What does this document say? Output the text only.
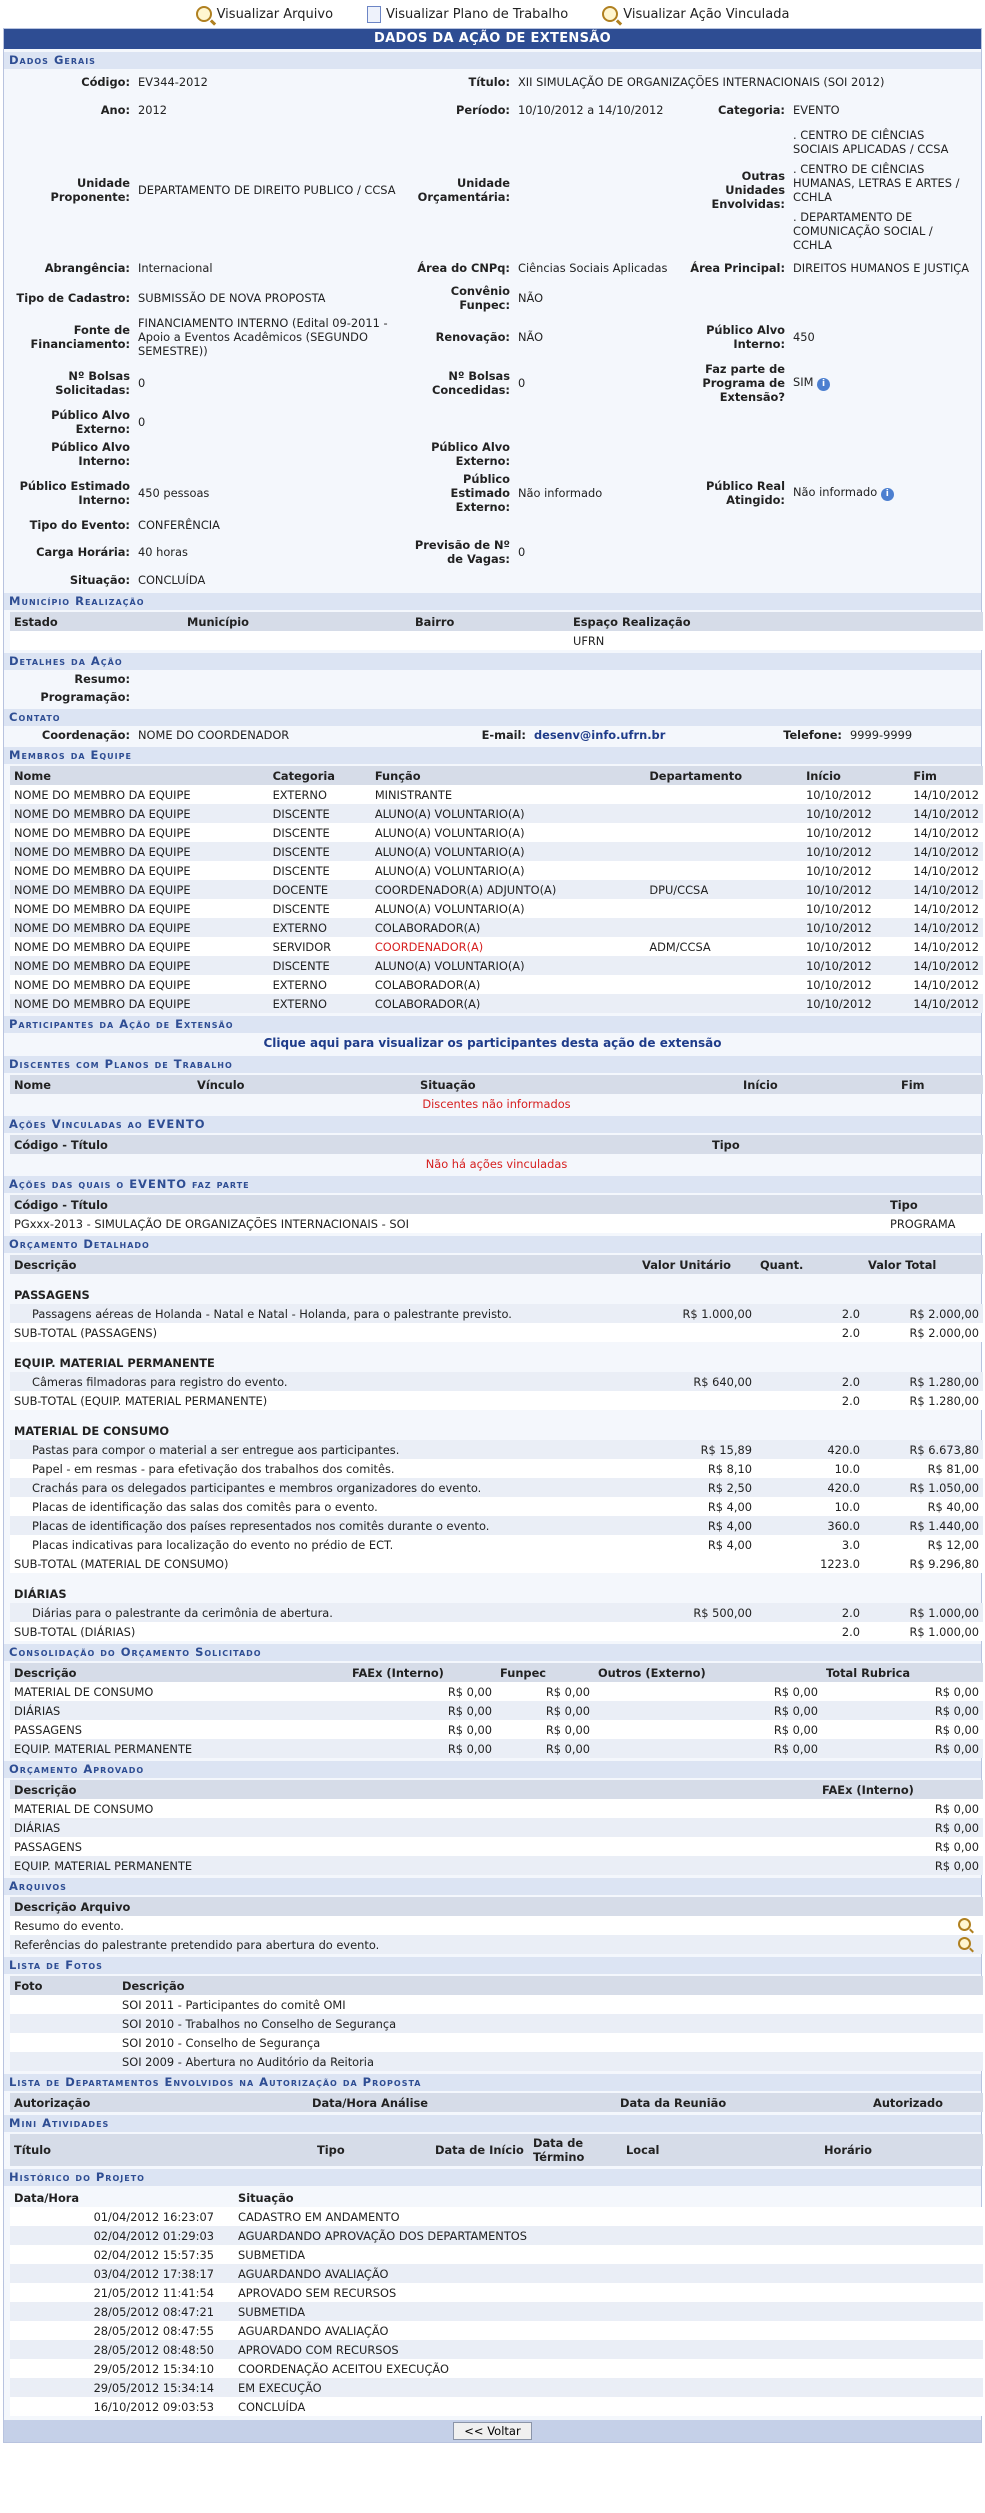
Visualizar Arquivo	Visualizar Plano de Trabalho	Visualizar Ação Vinculada
DADOS DA AÇÃO DE EXTENSÃO
Dados Gerais
Código:	EV344-2012	Título:	XII SIMULAÇÃO DE ORGANIZAÇÕES INTERNACIONAIS (SOI 2012)		
Ano:	2012	Período:	10/10/2012 a 14/10/2012	Categoria:	EVENTO
Unidade Proponente:	DEPARTAMENTO DE DIREITO PUBLICO / CCSA	Unidade Orçamentária:		Outras Unidades Envolvidas:	. CENTRO DE CIÊNCIAS SOCIAIS APLICADAS / CCSA
. CENTRO DE CIÊNCIAS HUMANAS, LETRAS E ARTES / CCHLA
. DEPARTAMENTO DE COMUNICAÇÃO SOCIAL / CCHLA

Abrangência:	Internacional	Área do CNPq:	Ciências Sociais Aplicadas	Área Principal:	DIREITOS HUMANOS E JUSTIÇA
Tipo de Cadastro:	SUBMISSÃO DE NOVA PROPOSTA	Convênio Funpec:	NÃO		
Fonte de Financiamento:	FINANCIAMENTO INTERNO (Edital 09-2011 - Apoio a Eventos Acadêmicos (SEGUNDO SEMESTRE))	Renovação:	NÃO	Público Alvo Interno:	450
Nº Bolsas Solicitadas:	0	Nº Bolsas Concedidas:	0	Faz parte de Programa de Extensão?	SIM i
Público Alvo Externo:	0				
Público Alvo Interno:		Público Alvo Externo:			
Público Estimado Interno:	450 pessoas	Público Estimado Externo:	Não informado	Público Real Atingido:	Não informado i
Tipo do Evento:	CONFERÊNCIA				
Carga Horária:	40 horas	Previsão de Nº de Vagas:	0		
Situação:	CONCLUÍDA				
Município Realização
Estado	Município	Bairro	Espaço Realização
			UFRN
Detalhes da Ação
Resumo:	
Programação:	
Contato
Coordenação:	NOME DO COORDENADOR	E-mail:	desenv@info.ufrn.br	Telefone:	9999-9999
Membros da Equipe
Nome	Categoria	Função	Departamento	Início	Fim
NOME DO MEMBRO DA EQUIPE	EXTERNO	MINISTRANTE		10/10/2012	14/10/2012
NOME DO MEMBRO DA EQUIPE	DISCENTE	ALUNO(A) VOLUNTARIO(A)		10/10/2012	14/10/2012
NOME DO MEMBRO DA EQUIPE	DISCENTE	ALUNO(A) VOLUNTARIO(A)		10/10/2012	14/10/2012
NOME DO MEMBRO DA EQUIPE	DISCENTE	ALUNO(A) VOLUNTARIO(A)		10/10/2012	14/10/2012
NOME DO MEMBRO DA EQUIPE	DISCENTE	ALUNO(A) VOLUNTARIO(A)		10/10/2012	14/10/2012
NOME DO MEMBRO DA EQUIPE	DOCENTE	COORDENADOR(A) ADJUNTO(A)	DPU/CCSA	10/10/2012	14/10/2012
NOME DO MEMBRO DA EQUIPE	DISCENTE	ALUNO(A) VOLUNTARIO(A)		10/10/2012	14/10/2012
NOME DO MEMBRO DA EQUIPE	EXTERNO	COLABORADOR(A)		10/10/2012	14/10/2012
NOME DO MEMBRO DA EQUIPE	SERVIDOR	COORDENADOR(A)	ADM/CCSA	10/10/2012	14/10/2012
NOME DO MEMBRO DA EQUIPE	DISCENTE	ALUNO(A) VOLUNTARIO(A)		10/10/2012	14/10/2012
NOME DO MEMBRO DA EQUIPE	EXTERNO	COLABORADOR(A)		10/10/2012	14/10/2012
NOME DO MEMBRO DA EQUIPE	EXTERNO	COLABORADOR(A)		10/10/2012	14/10/2012
Participantes da Ação de Extensão
Clique aqui para visualizar os participantes desta ação de extensão
Discentes com Planos de Trabalho
Nome	Vínculo	Situação	Início	Fim
Discentes não informados
Ações Vinculadas ao EVENTO
Código - Título	Tipo
Não há ações vinculadas
Ações das quais o EVENTO faz parte
Código - Título	Tipo
PGxxx-2013 - SIMULAÇÃO DE ORGANIZAÇÕES INTERNACIONAIS - SOI	PROGRAMA
Orçamento Detalhado
Descrição	Valor Unitário	Quant.	Valor Total
PASSAGENS			
Passagens aéreas de Holanda - Natal e Natal - Holanda, para o palestrante previsto.	R$ 1.000,00	2.0	R$ 2.000,00
SUB-TOTAL (PASSAGENS)		2.0	R$ 2.000,00
EQUIP. MATERIAL PERMANENTE			
Câmeras filmadoras para registro do evento.	R$ 640,00	2.0	R$ 1.280,00
SUB-TOTAL (EQUIP. MATERIAL PERMANENTE)		2.0	R$ 1.280,00
MATERIAL DE CONSUMO			
Pastas para compor o material a ser entregue aos participantes.	R$ 15,89	420.0	R$ 6.673,80
Papel - em resmas - para efetivação dos trabalhos dos comitês.	R$ 8,10	10.0	R$ 81,00
Crachás para os delegados participantes e membros organizadores do evento.	R$ 2,50	420.0	R$ 1.050,00
Placas de identificação das salas dos comitês para o evento.	R$ 4,00	10.0	R$ 40,00
Placas de identificação dos países representados nos comitês durante o evento.	R$ 4,00	360.0	R$ 1.440,00
Placas indicativas para localização do evento no prédio de ECT.	R$ 4,00	3.0	R$ 12,00
SUB-TOTAL (MATERIAL DE CONSUMO)		1223.0	R$ 9.296,80
DIÁRIAS			
Diárias para o palestrante da cerimônia de abertura.	R$ 500,00	2.0	R$ 1.000,00
SUB-TOTAL (DIÁRIAS)		2.0	R$ 1.000,00
Consolidação do Orçamento Solicitado
Descrição	FAEx (Interno)	Funpec	Outros (Externo)	Total Rubrica
MATERIAL DE CONSUMO	R$ 0,00	R$ 0,00	R$ 0,00	R$ 0,00
DIÁRIAS	R$ 0,00	R$ 0,00	R$ 0,00	R$ 0,00
PASSAGENS	R$ 0,00	R$ 0,00	R$ 0,00	R$ 0,00
EQUIP. MATERIAL PERMANENTE	R$ 0,00	R$ 0,00	R$ 0,00	R$ 0,00
Orçamento Aprovado
Descrição	FAEx (Interno)
MATERIAL DE CONSUMO	R$ 0,00
DIÁRIAS	R$ 0,00
PASSAGENS	R$ 0,00
EQUIP. MATERIAL PERMANENTE	R$ 0,00
Arquivos
Descrição Arquivo	
Resumo do evento.	
Referências do palestrante pretendido para abertura do evento.	
Lista de Fotos
Foto	Descrição
	SOI 2011 - Participantes do comitê OMI
	SOI 2010 - Trabalhos no Conselho de Segurança
	SOI 2010 - Conselho de Segurança
	SOI 2009 - Abertura no Auditório da Reitoria
Lista de Departamentos Envolvidos na Autorização da Proposta
Autorização	Data/Hora Análise	Data da Reunião	Autorizado
Mini Atividades
Título	Tipo	Data de Início	Data de Término	Local	Horário
Histórico do Projeto
Data/Hora	Situação
01/04/2012 16:23:07	CADASTRO EM ANDAMENTO
02/04/2012 01:29:03	AGUARDANDO APROVAÇÃO DOS DEPARTAMENTOS
02/04/2012 15:57:35	SUBMETIDA
03/04/2012 17:38:17	AGUARDANDO AVALIAÇÃO
21/05/2012 11:41:54	APROVADO SEM RECURSOS
28/05/2012 08:47:21	SUBMETIDA
28/05/2012 08:47:55	AGUARDANDO AVALIAÇÃO
28/05/2012 08:48:50	APROVADO COM RECURSOS
29/05/2012 15:34:10	COORDENAÇÃO ACEITOU EXECUÇÃO
29/05/2012 15:34:14	EM EXECUÇÃO
16/10/2012 09:03:53	CONCLUÍDA
<< Voltar
